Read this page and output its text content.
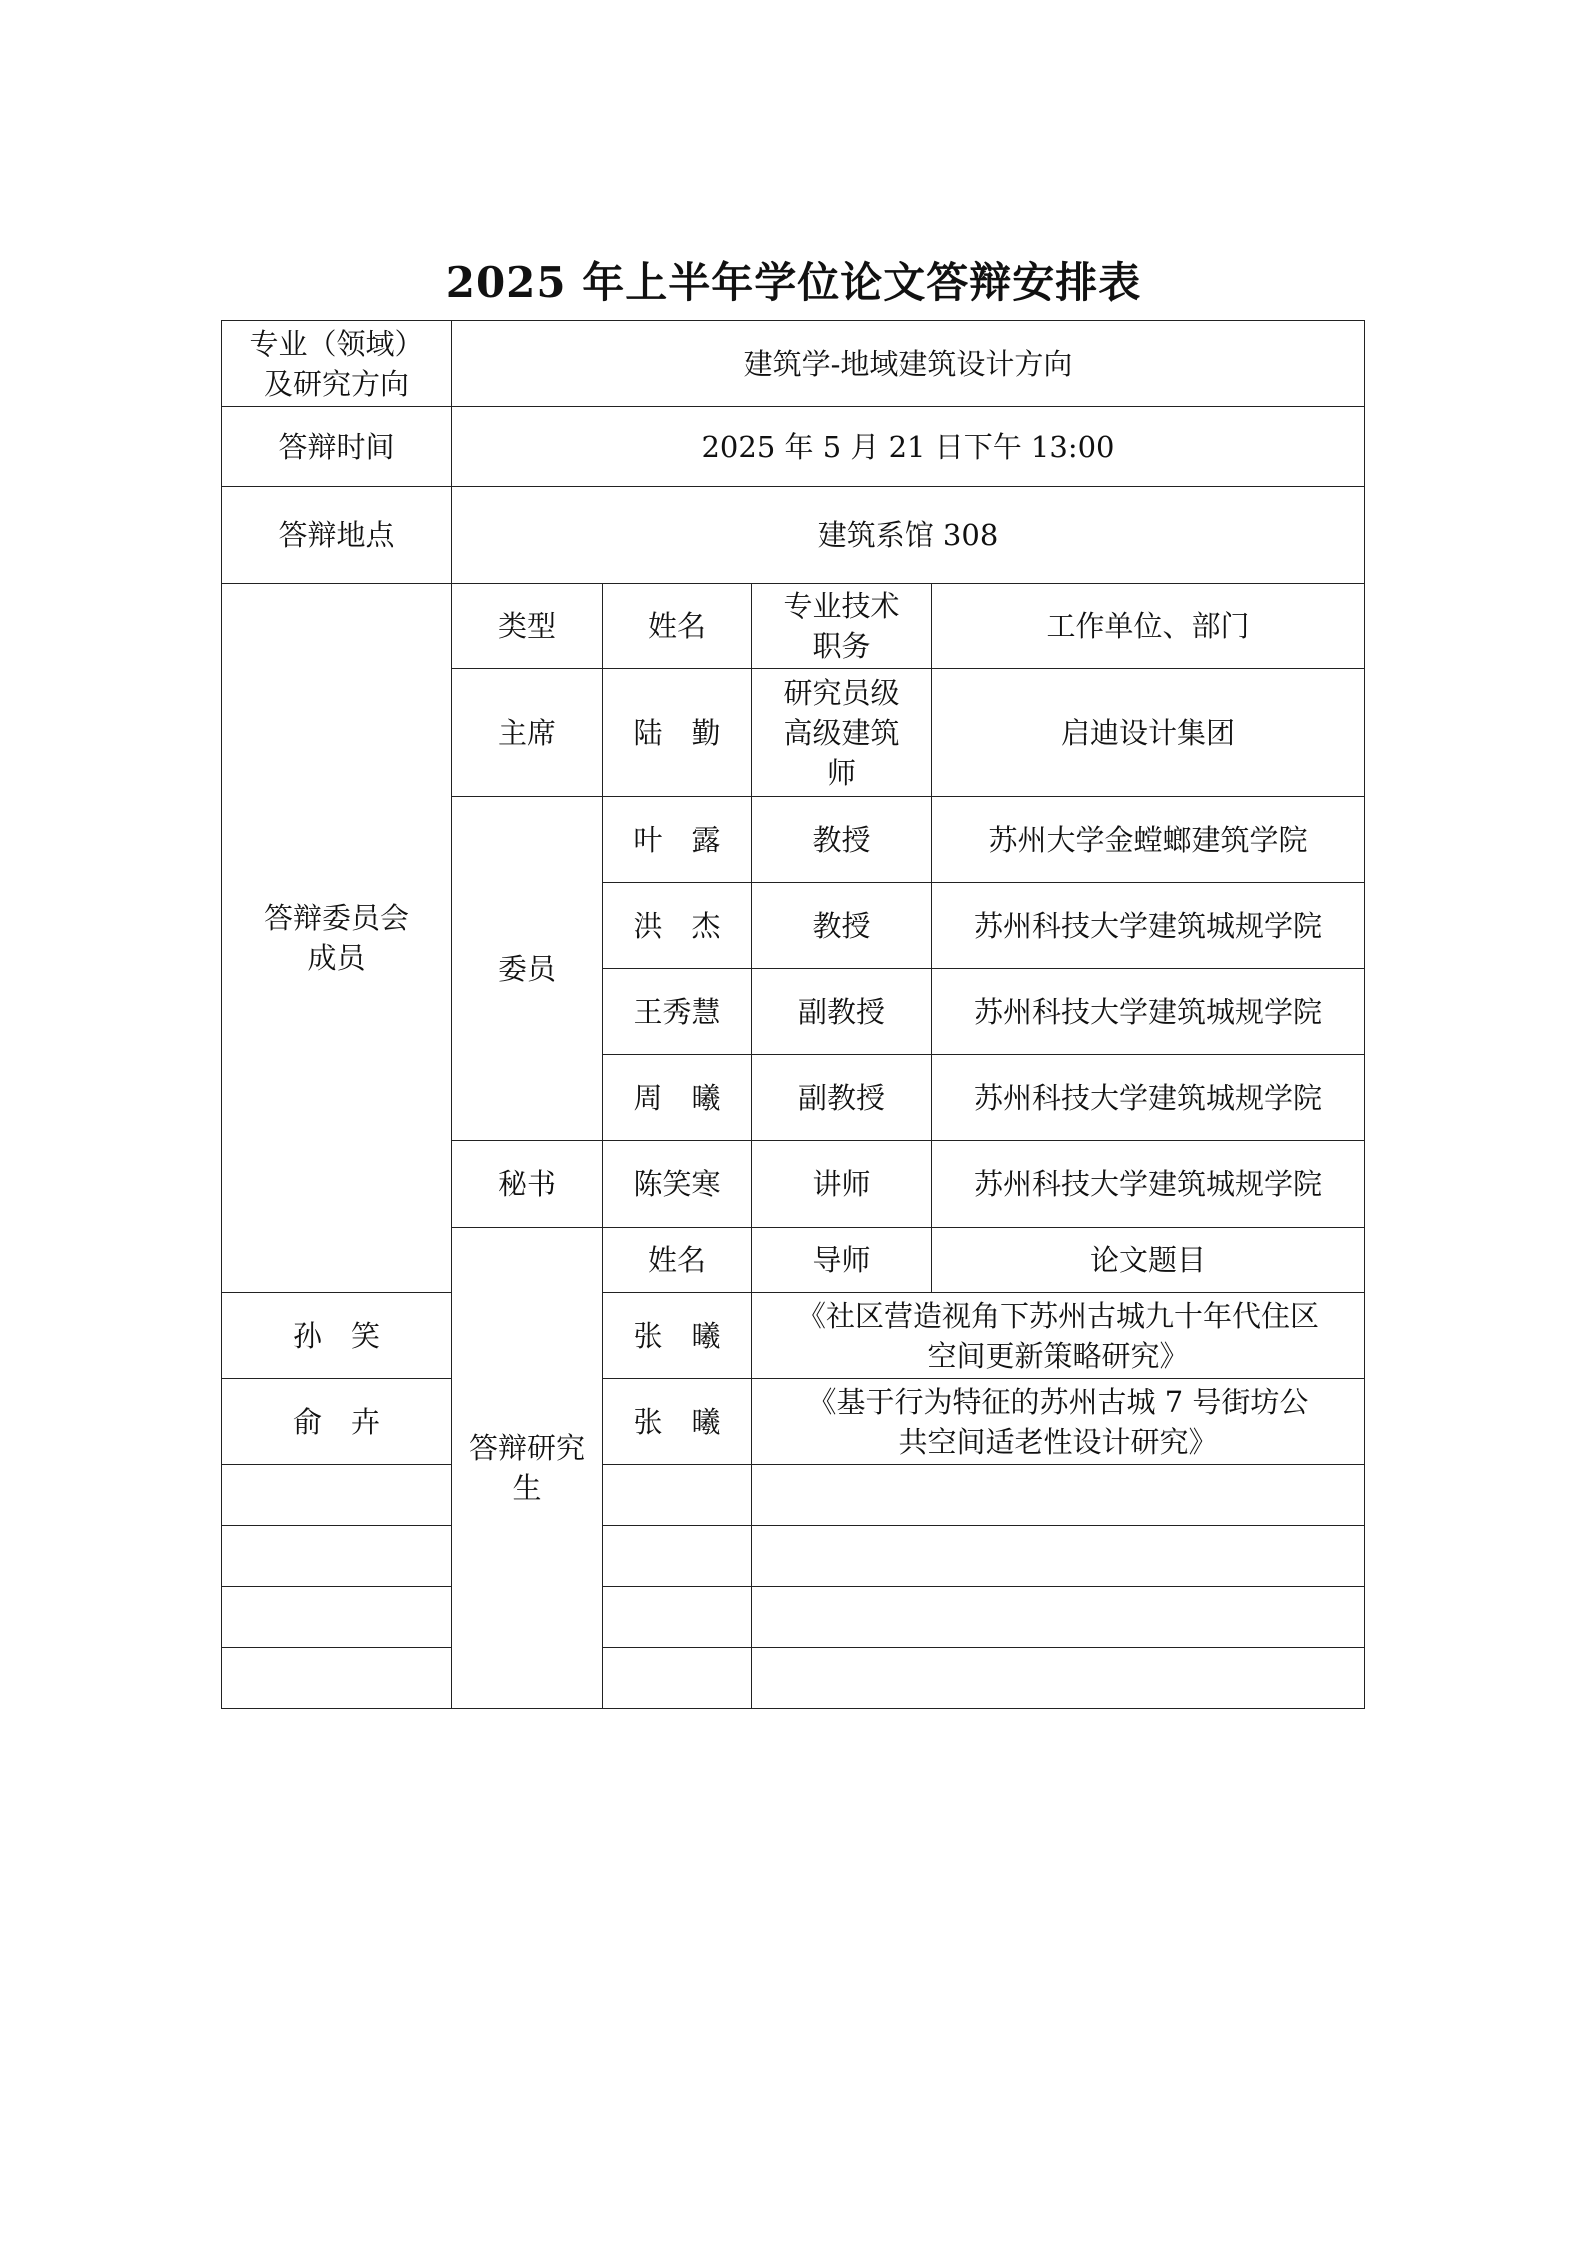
2025 年上半年学位论文答辩安排表
专业（领域）
及研究方向	建筑学-地域建筑设计方向			
答辩时间	2025 年 5 月 21 日下午 13:00			
答辩地点	建筑系馆 308			

答辩委员会
成员	类型	姓名	专业技术
职务	工作单位、部门
	主席	陆　勤	研究员级
高级建筑
师	启迪设计集团
	委员	叶　露	教授	苏州大学金螳螂建筑学院
		洪　杰	教授	苏州科技大学建筑城规学院
		王秀慧	副教授	苏州科技大学建筑城规学院
		周　曦	副教授	苏州科技大学建筑城规学院
	秘书	陈笑寒	讲师	苏州科技大学建筑城规学院
	答辩研究生	姓名	导师	论文题目
孙　笑		张　曦	《社区营造视角下苏州古城九十年代住区
空间更新策略研究》	

俞　卉		张　曦	《基于行为特征的苏州古城 7 号街坊公
共空间适老性设计研究》	
